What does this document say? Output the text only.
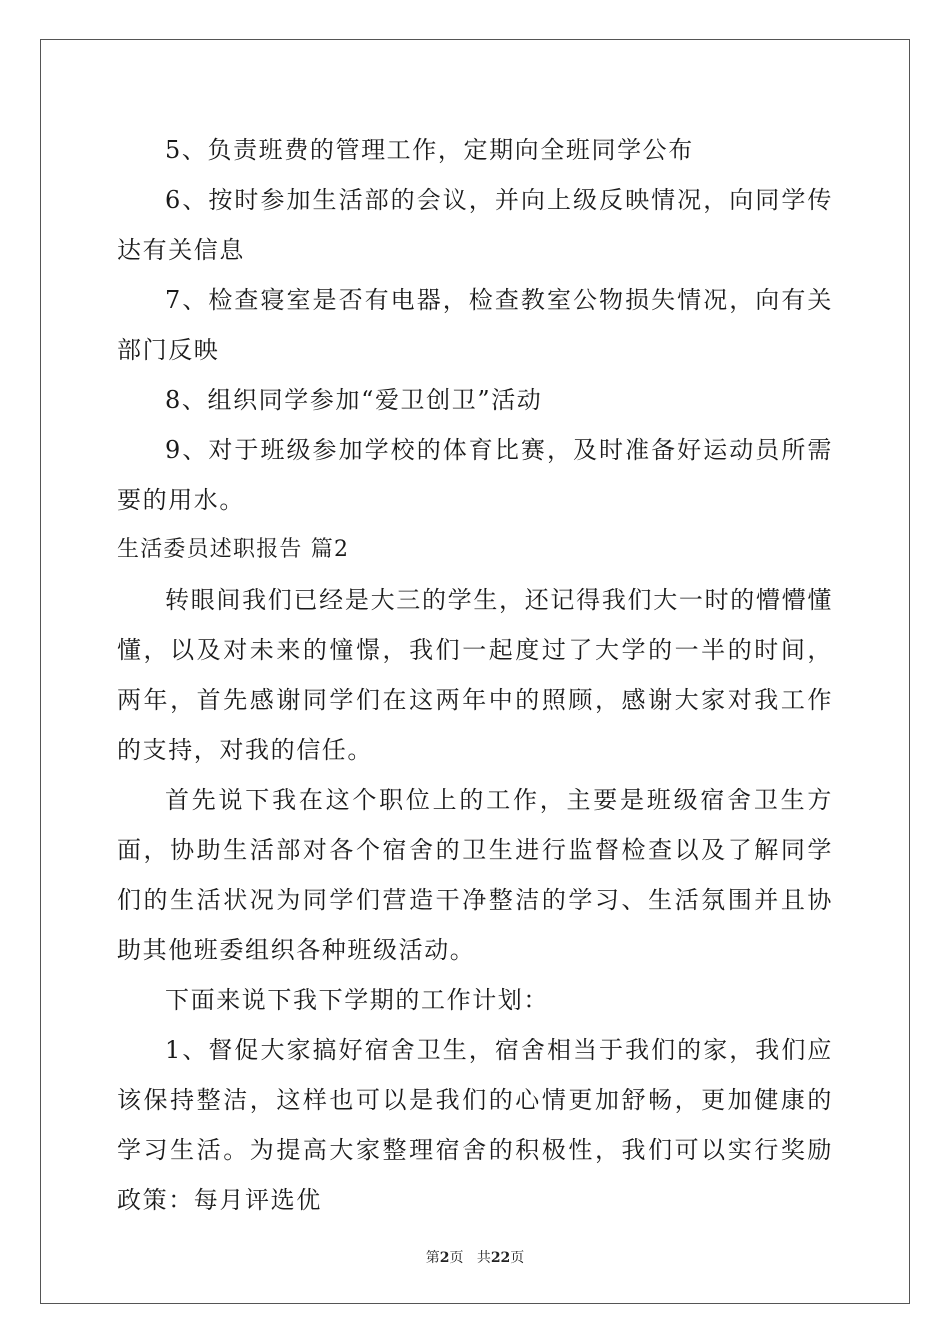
5、负责班费的管理工作，定期向全班同学公布

6、按时参加生活部的会议，并向上级反映情况，向同学传达有关信息

7、检查寝室是否有电器，检查教室公物损失情况，向有关部门反映

8、组织同学参加“爱卫创卫”活动

9、对于班级参加学校的体育比赛，及时准备好运动员所需要的用水。

生活委员述职报告 篇2

转眼间我们已经是大三的学生，还记得我们大一时的懵懵懂懂，以及对未来的憧憬，我们一起度过了大学的一半的时间，两年，首先感谢同学们在这两年中的照顾，感谢大家对我工作的支持，对我的信任。

首先说下我在这个职位上的工作，主要是班级宿舍卫生方面，协助生活部对各个宿舍的卫生进行监督检查以及了解同学们的生活状况为同学们营造干净整洁的学习、生活氛围并且协助其他班委组织各种班级活动。

下面来说下我下学期的工作计划：

1、督促大家搞好宿舍卫生，宿舍相当于我们的家，我们应该保持整洁，这样也可以是我们的心情更加舒畅，更加健康的学习生活。为提高大家整理宿舍的积极性，我们可以实行奖励政策：每月评选优

第2页 共22页
